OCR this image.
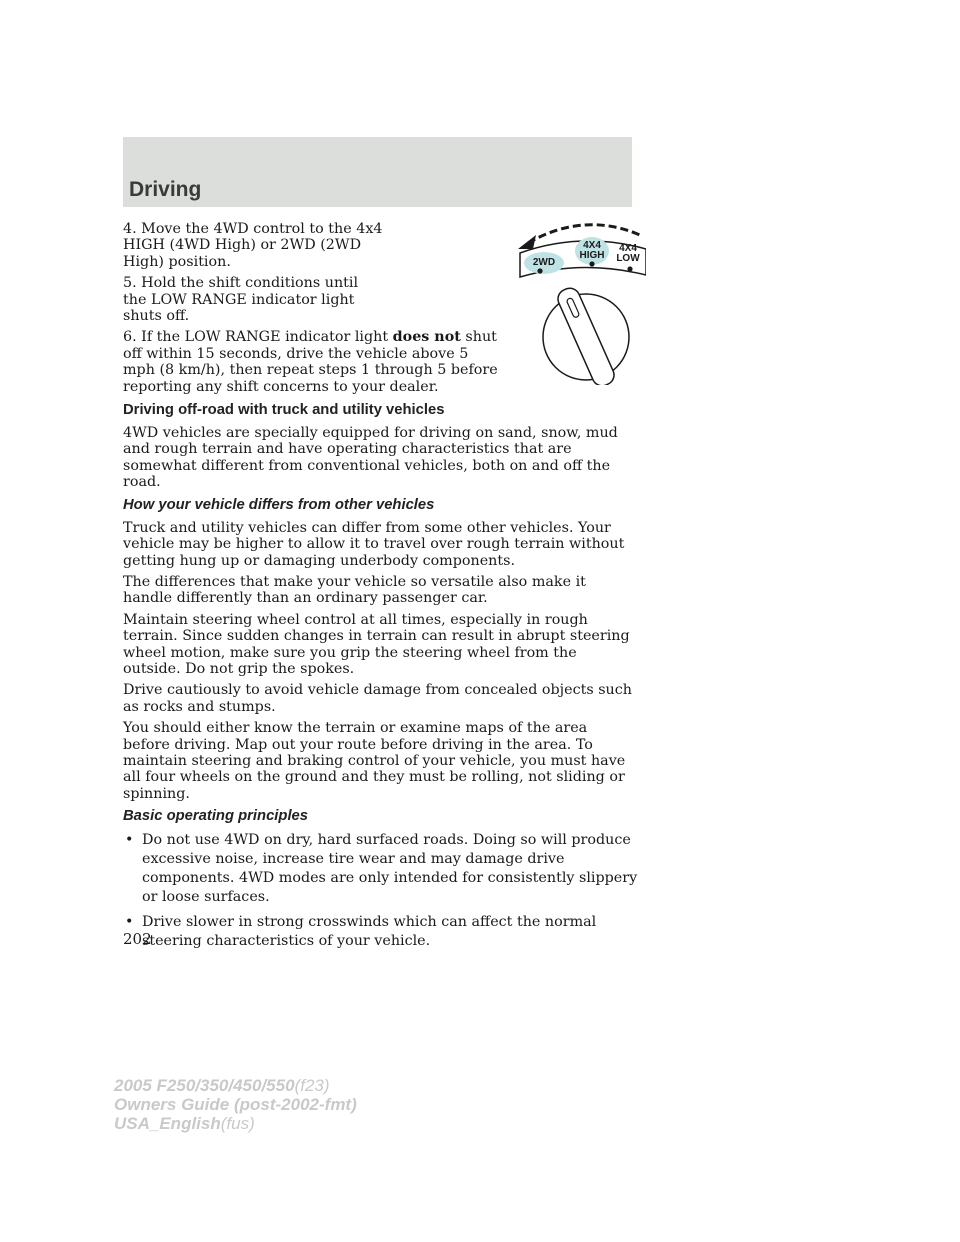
Driving
2WD
4X4
HIGH
4X4
LOW

4. Move the 4WD control to the 4x4 HIGH (4WD High) or 2WD (2WD High) position.

5. Hold the shift conditions until the LOW RANGE indicator light shuts off.

6. If the LOW RANGE indicator light does not shut off within 15 seconds, drive the vehicle above 5 mph (8 km/h), then repeat steps 1 through 5 before reporting any shift concerns to your dealer.

Driving off-road with truck and utility vehicles

4WD vehicles are specially equipped for driving on sand, snow, mud and rough terrain and have operating characteristics that are somewhat different from conventional vehicles, both on and off the road.

How your vehicle differs from other vehicles

Truck and utility vehicles can differ from some other vehicles. Your vehicle may be higher to allow it to travel over rough terrain without getting hung up or damaging underbody components.

The differences that make your vehicle so versatile also make it handle differently than an ordinary passenger car.

Maintain steering wheel control at all times, especially in rough terrain. Since sudden changes in terrain can result in abrupt steering wheel motion, make sure you grip the steering wheel from the outside. Do not grip the spokes.

Drive cautiously to avoid vehicle damage from concealed objects such as rocks and stumps.

You should either know the terrain or examine maps of the area before driving. Map out your route before driving in the area. To maintain steering and braking control of your vehicle, you must have all four wheels on the ground and they must be rolling, not sliding or spinning.

Basic operating principles
• Do not use 4WD on dry, hard surfaced roads. Doing so will produce excessive noise, increase tire wear and may damage drive components. 4WD modes are only intended for consistently slippery or loose surfaces.
• Drive slower in strong crosswinds which can affect the normal steering characteristics of your vehicle.

202

2005 F250/350/450/550(f23)
Owners Guide (post-2002-fmt)
USA_English(fus)
